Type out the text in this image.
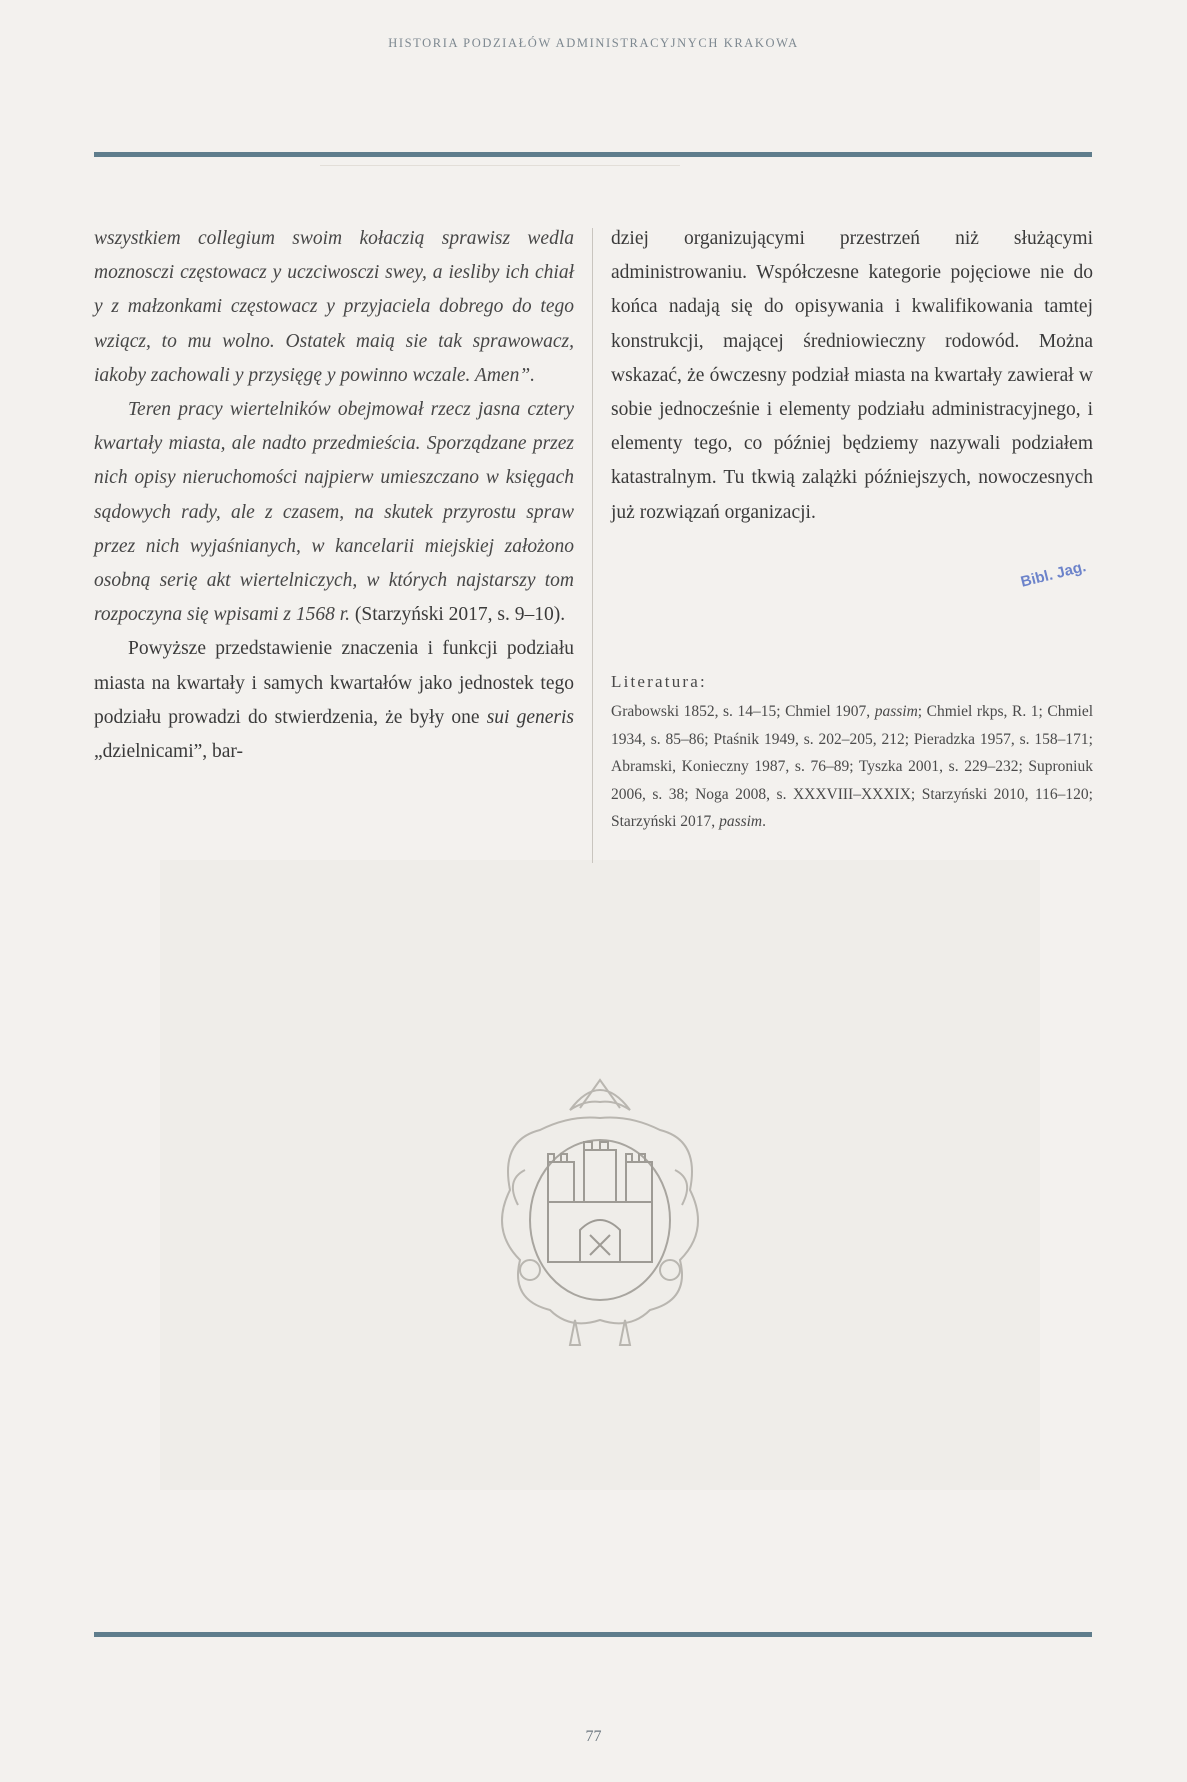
HISTORIA PODZIAŁÓW ADMINISTRACYJNYCH KRAKOWA

wszystkiem collegium swoim kołaczią sprawisz wedla moznosczi częstowacz y uczciwosczi swey, a iesliby ich chiał y z małzonkami częstowacz y przyjaciela dobrego do tego wziącz, to mu wolno. Ostatek maią sie tak sprawowacz, iakoby zachowali y przysięgę y powinno wczale. Amen”.

Teren pracy wiertelników obejmował rzecz jasna cztery kwartały miasta, ale nadto przedmieścia. Sporządzane przez nich opisy nieruchomości najpierw umieszczano w księgach sądowych rady, ale z czasem, na skutek przyrostu spraw przez nich wyjaśnianych, w kancelarii miejskiej założono osobną serię akt wiertelniczych, w których najstarszy tom rozpoczyna się wpisami z 1568 r. (Starzyński 2017, s. 9–10).

Powyższe przedstawienie znaczenia i funkcji podziału miasta na kwartały i samych kwartałów jako jednostek tego podziału prowadzi do stwierdzenia, że były one sui generis „dzielnicami”, bar-

dziej organizującymi przestrzeń niż służącymi administrowaniu. Współczesne kategorie pojęciowe nie do końca nadają się do opisywania i kwalifikowania tamtej konstrukcji, mającej średniowieczny rodowód. Można wskazać, że ówczesny podział miasta na kwartały zawierał w sobie jednocześnie i elementy podziału administracyjnego, i elementy tego, co później będziemy nazywali podziałem katastralnym. Tu tkwią zalążki późniejszych, nowoczesnych już rozwiązań organizacji.

Bibl. Jag.
Literatura:

Grabowski 1852, s. 14–15; Chmiel 1907, passim; Chmiel rkps, R. 1; Chmiel 1934, s. 85–86; Ptaśnik 1949, s. 202–205, 212; Pieradzka 1957, s. 158–171; Abramski, Konieczny 1987, s. 76–89; Tyszka 2001, s. 229–232; Suproniuk 2006, s. 38; Noga 2008, s. XXXVIII–XXXIX; Starzyński 2010, 116–120; Starzyński 2017, passim.

77
